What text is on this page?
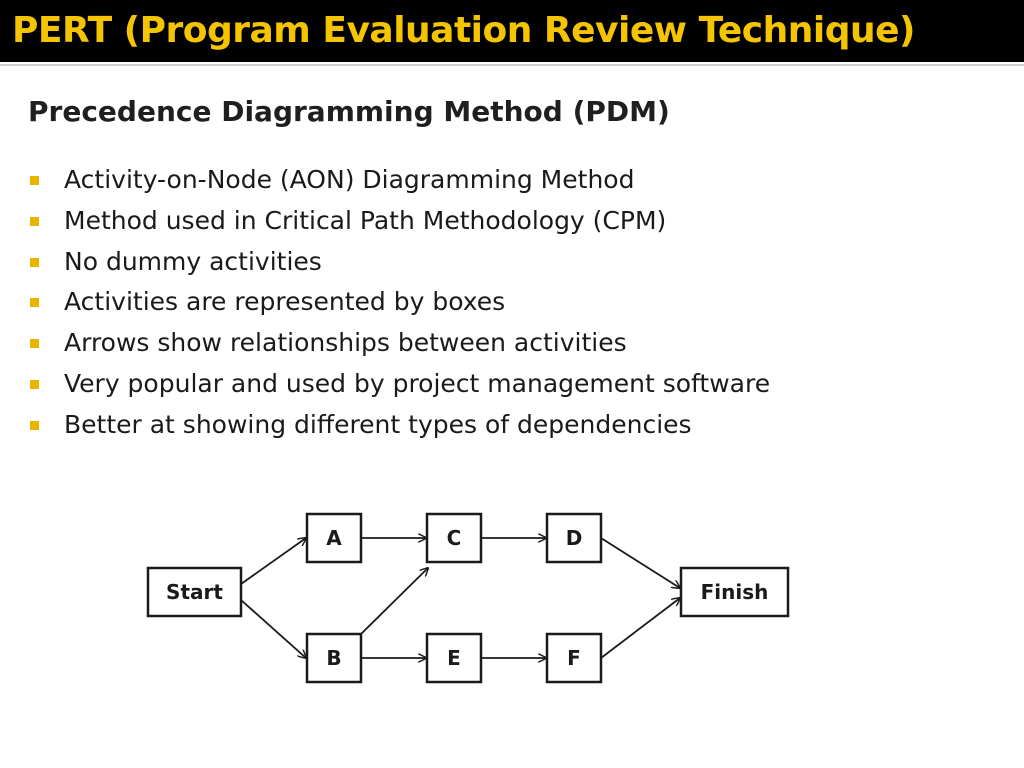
PERT (Program Evaluation Review Technique)
Precedence Diagramming Method (PDM)
Activity-on-Node (AON) Diagramming Method
Method used in Critical Path Methodology (CPM)
No dummy activities
Activities are represented by boxes
Arrows show relationships between activities
Very popular and used by project management software
Better at showing different types of dependencies
Start
A
B
C	D
E	F
Finish
